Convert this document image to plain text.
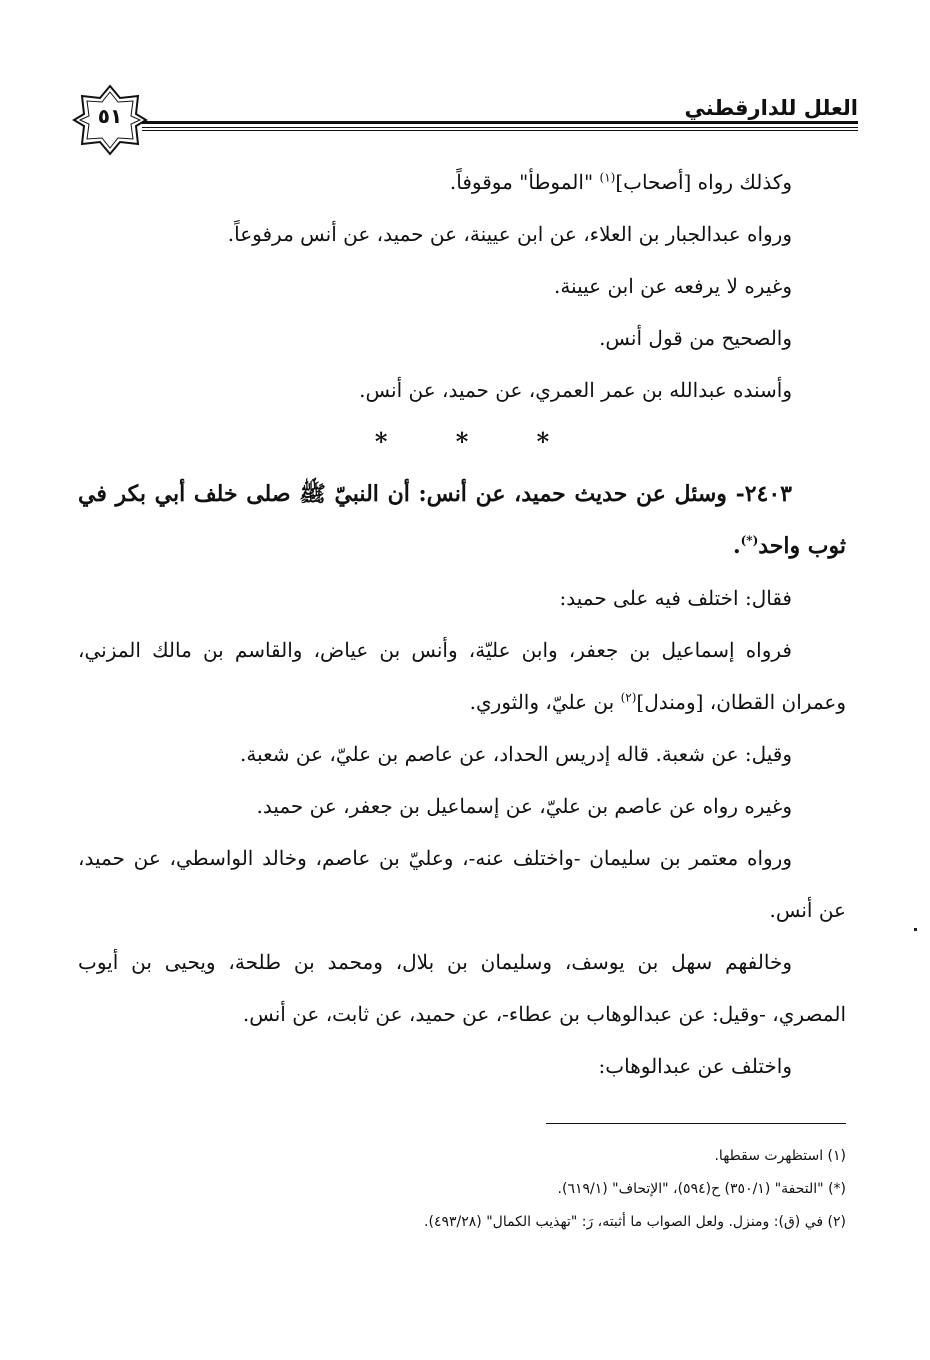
٥١	العلل للدارقطني

وكذلك رواه [أصحاب]$^{(١)}$ "الموطأ" موقوفاً.

ورواه عبدالجبار بن العلاء، عن ابن عيينة، عن حميد، عن أنس مرفوعاً.

وغيره لا يرفعه عن ابن عيينة.

والصحيح من قول أنس.

وأسنده عبدالله بن عمر العمري، عن حميد، عن أنس.

* * *

٢٤٠٣- وسئل عن حديث حميد، عن أنس: أن النبيّ ﷺ صلى خلف أبي بكر في ثوب واحد(*).

فقال: اختلف فيه على حميد:

فرواه إسماعيل بن جعفر، وابن عليّة، وأنس بن عياض، والقاسم بن مالك المزني، وعمران القطان، [ومندل]$^{(٢)}$ بن عليّ، والثوري.

وقيل: عن شعبة. قاله إدريس الحداد، عن عاصم بن عليّ، عن شعبة.

وغيره رواه عن عاصم بن عليّ، عن إسماعيل بن جعفر، عن حميد.

ورواه معتمر بن سليمان -واختلف عنه-، وعليّ بن عاصم، وخالد الواسطي، عن حميد، عن أنس.

وخالفهم سهل بن يوسف، وسليمان بن بلال، ومحمد بن طلحة، ويحيى بن أيوب المصري، -وقيل: عن عبدالوهاب بن عطاء-، عن حميد، عن ثابت، عن أنس.

واختلف عن عبدالوهاب:

(١) استظهرت سقطها.

(*) "التحفة" (٣٥٠/١) ح(٥٩٤)، "الإتحاف" (٦١٩/١).

(٢) في (ق): ومنزل. ولعل الصواب ما أثبته، رَ: "تهذيب الكمال" (٤٩٣/٢٨).
